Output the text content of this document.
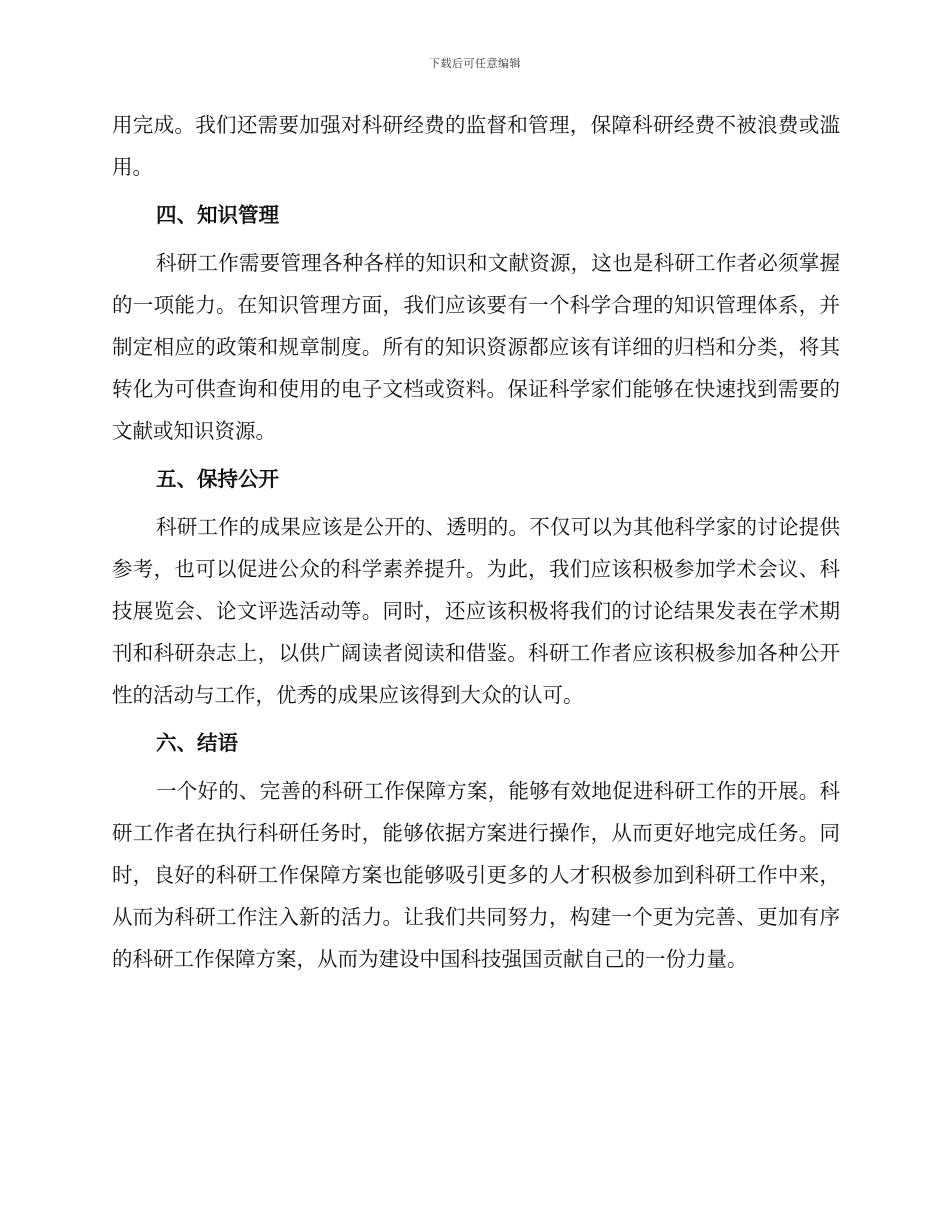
下载后可任意编辑

用完成。我们还需要加强对科研经费的监督和管理，保障科研经费不被浪费或滥用。

四、知识管理

科研工作需要管理各种各样的知识和文献资源，这也是科研工作者必须掌握的一项能力。在知识管理方面，我们应该要有一个科学合理的知识管理体系，并制定相应的政策和规章制度。所有的知识资源都应该有详细的归档和分类，将其转化为可供查询和使用的电子文档或资料。保证科学家们能够在快速找到需要的文献或知识资源。

五、保持公开

科研工作的成果应该是公开的、透明的。不仅可以为其他科学家的讨论提供参考，也可以促进公众的科学素养提升。为此，我们应该积极参加学术会议、科技展览会、论文评选活动等。同时，还应该积极将我们的讨论结果发表在学术期刊和科研杂志上，以供广阔读者阅读和借鉴。科研工作者应该积极参加各种公开性的活动与工作，优秀的成果应该得到大众的认可。

六、结语

一个好的、完善的科研工作保障方案，能够有效地促进科研工作的开展。科研工作者在执行科研任务时，能够依据方案进行操作，从而更好地完成任务。同时，良好的科研工作保障方案也能够吸引更多的人才积极参加到科研工作中来，从而为科研工作注入新的活力。让我们共同努力，构建一个更为完善、更加有序的科研工作保障方案，从而为建设中国科技强国贡献自己的一份力量。
